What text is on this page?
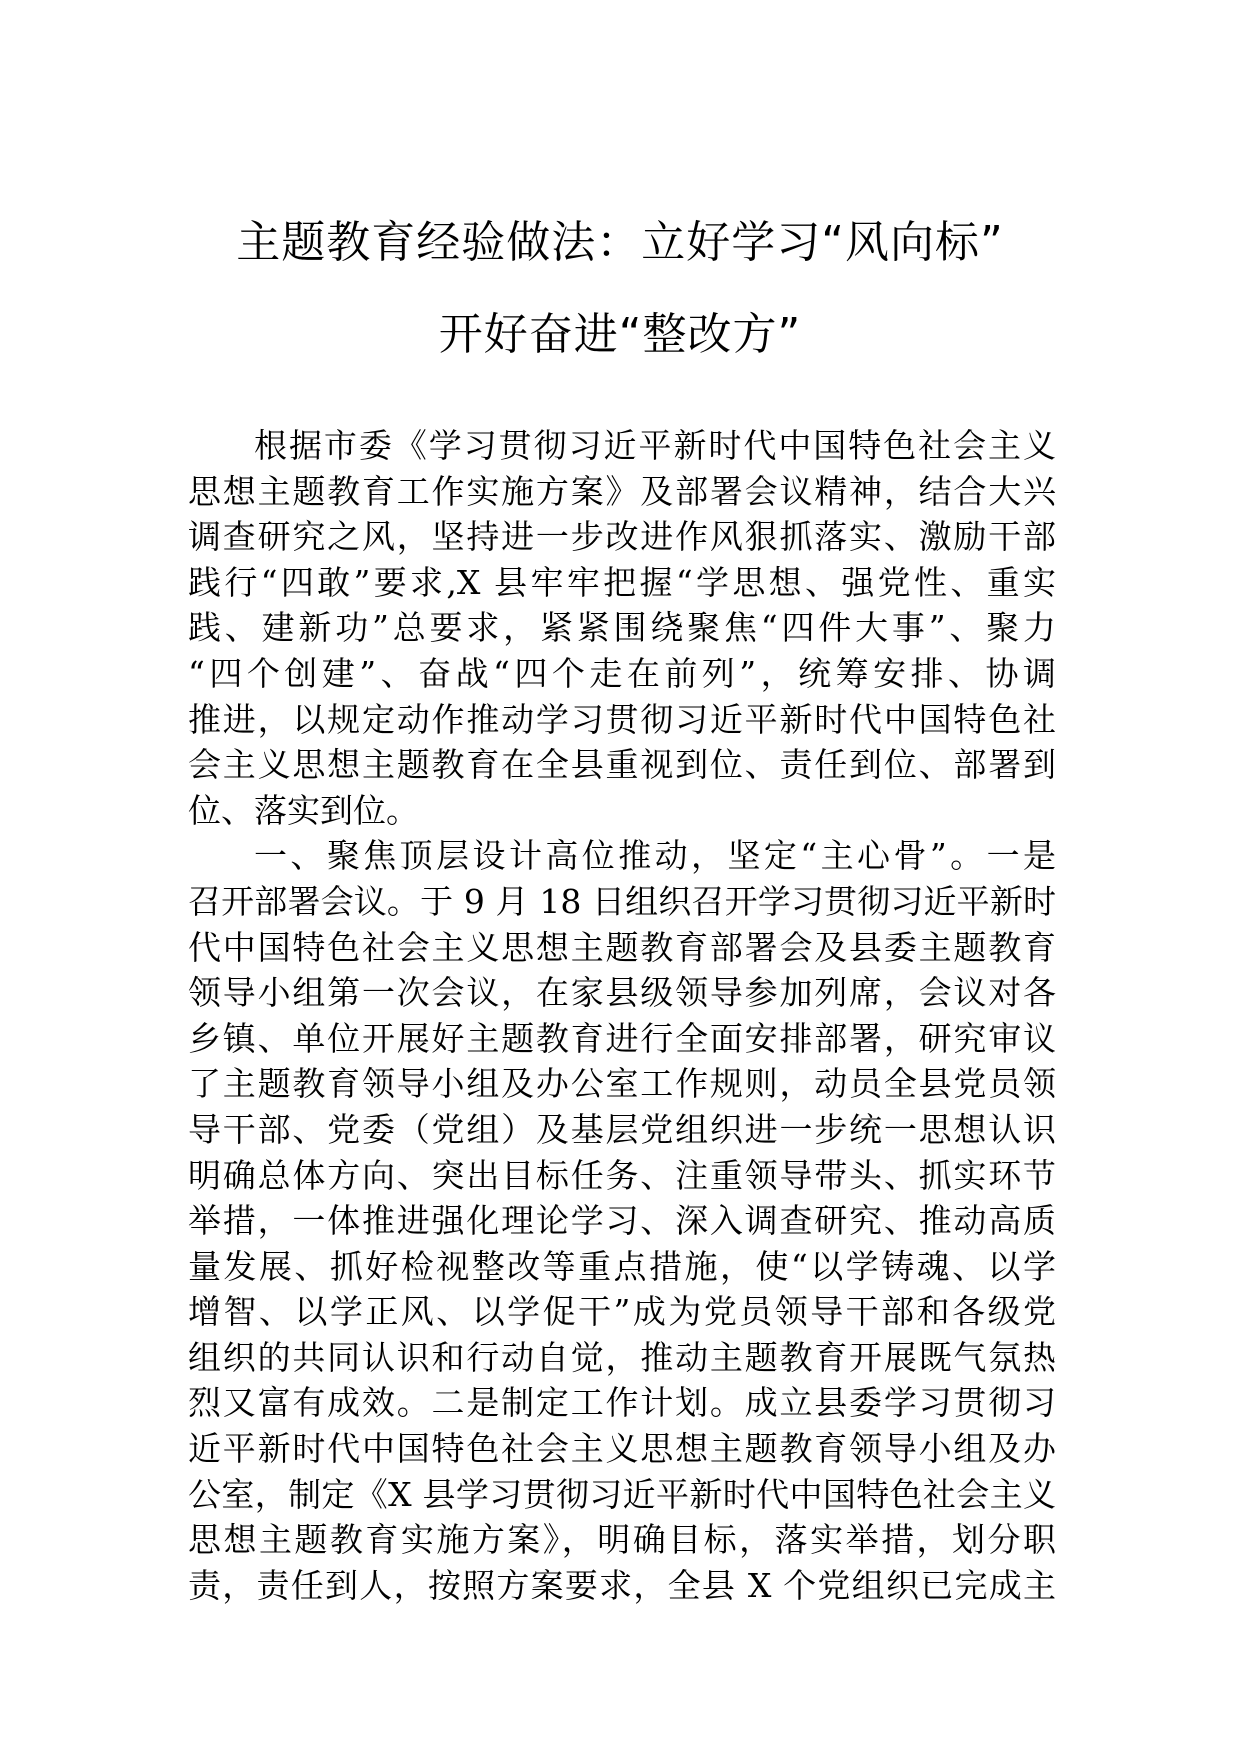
主题教育经验做法：立好学习“风向标”
开好奋进“整改方”
根据市委《学习贯彻习近平新时代中国特色社会主义
思想主题教育工作实施方案》及部署会议精神，结合大兴
调查研究之风，坚持进一步改进作风狠抓落实、激励干部
践行“四敢”要求,X 县牢牢把握“学思想、强党性、重实
践、建新功”总要求，紧紧围绕聚焦“四件大事”、聚力
“四个创建”、奋战“四个走在前列”，统筹安排、协调
推进，以规定动作推动学习贯彻习近平新时代中国特色社
会主义思想主题教育在全县重视到位、责任到位、部署到
位、落实到位。
一、聚焦顶层设计高位推动，坚定“主心骨”。一是
召开部署会议。于 9 月 18 日组织召开学习贯彻习近平新时
代中国特色社会主义思想主题教育部署会及县委主题教育
领导小组第一次会议，在家县级领导参加列席，会议对各
乡镇、单位开展好主题教育进行全面安排部署，研究审议
了主题教育领导小组及办公室工作规则，动员全县党员领
导干部、党委（党组）及基层党组织进一步统一思想认识
明确总体方向、突出目标任务、注重领导带头、抓实环节
举措，一体推进强化理论学习、深入调查研究、推动高质
量发展、抓好检视整改等重点措施，使“以学铸魂、以学
增智、以学正风、以学促干”成为党员领导干部和各级党
组织的共同认识和行动自觉，推动主题教育开展既气氛热
烈又富有成效。二是制定工作计划。成立县委学习贯彻习
近平新时代中国特色社会主义思想主题教育领导小组及办
公室，制定《X 县学习贯彻习近平新时代中国特色社会主义
思想主题教育实施方案》，明确目标，落实举措，划分职
责，责任到人，按照方案要求，全县 X 个党组织已完成主
